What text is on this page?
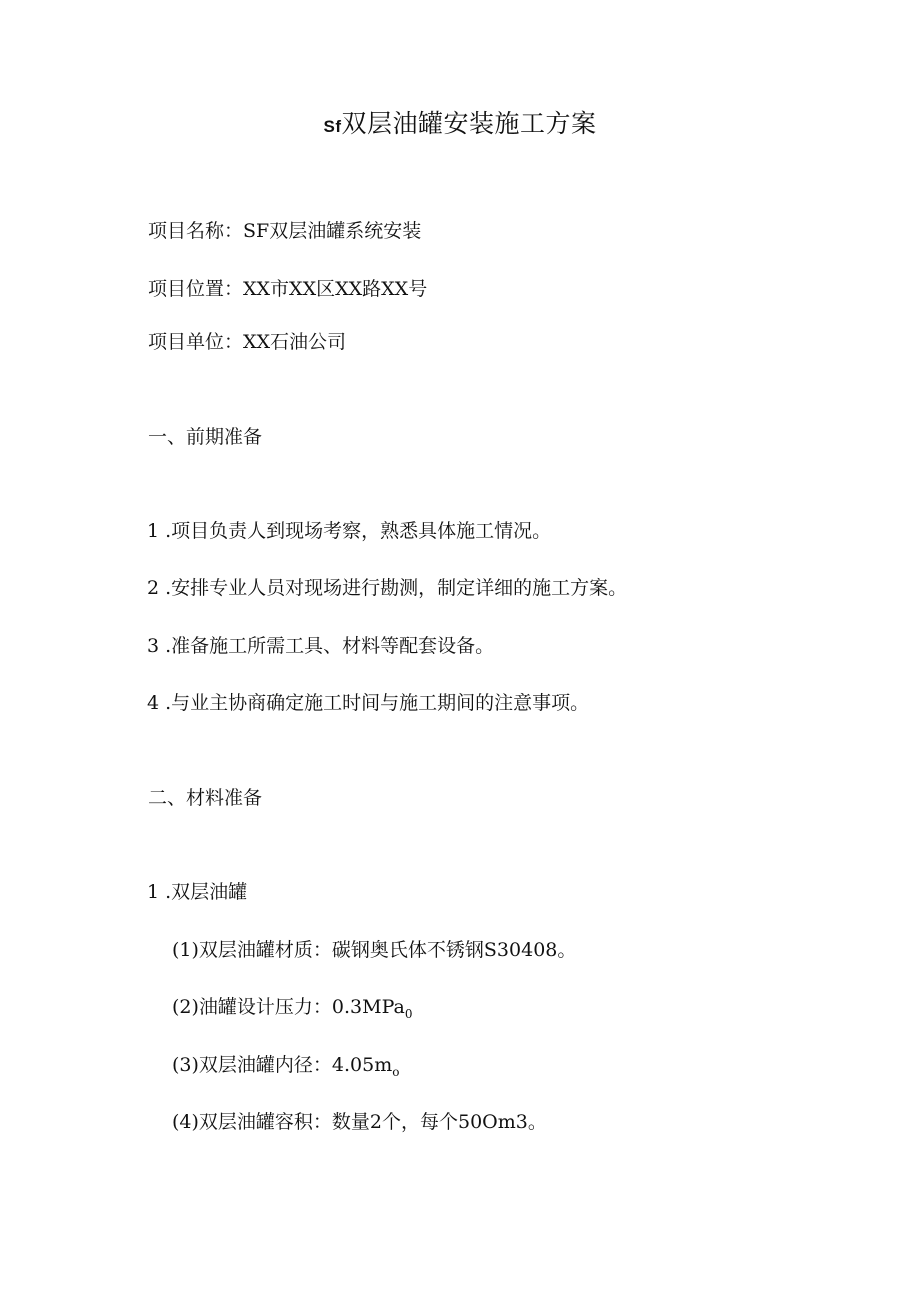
Sf双层油罐安装施工方案
项目名称：SF双层油罐系统安装
项目位置：XX市XX区XX路XX号
项目单位：XX石油公司
一、前期准备
1 .项目负责人到现场考察，熟悉具体施工情况。
2 .安排专业人员对现场进行勘测，制定详细的施工方案。
3 .准备施工所需工具、材料等配套设备。
4 .与业主协商确定施工时间与施工期间的注意事项。
二、材料准备
1 .双层油罐
(1)双层油罐材质：碳钢奥氏体不锈钢S30408。
(2)油罐设计压力：0.3MPa$_0$
(3)双层油罐内径：$4.05m_o$
(4)双层油罐容积：数量2个，每个50Om3。
